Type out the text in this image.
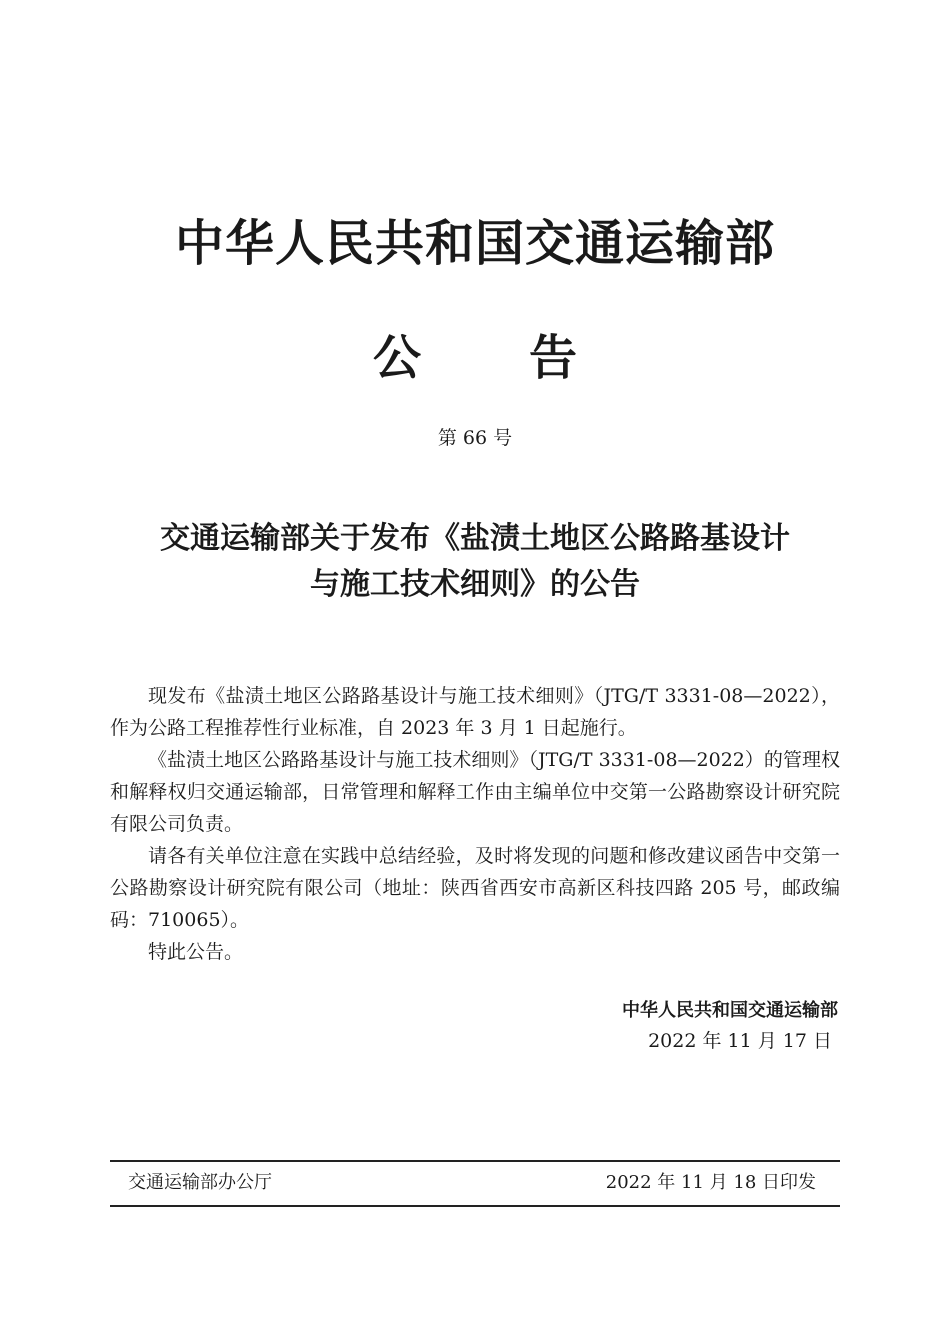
中华人民共和国交通运输部
公 告
第 66 号
交通运输部关于发布《盐渍土地区公路路基设计
与施工技术细则》的公告

现发布《盐渍土地区公路路基设计与施工技术细则》（JTG/T 3331-08—2022），作为公路工程推荐性行业标准，自 2023 年 3 月 1 日起施行。

《盐渍土地区公路路基设计与施工技术细则》（JTG/T 3331-08—2022）的管理权和解释权归交通运输部，日常管理和解释工作由主编单位中交第一公路勘察设计研究院有限公司负责。

请各有关单位注意在实践中总结经验，及时将发现的问题和修改建议函告中交第一公路勘察设计研究院有限公司（地址：陕西省西安市高新区科技四路 205 号，邮政编码：710065）。

特此公告。

中华人民共和国交通运输部
2022 年 11 月 17 日
交通运输部办公厅	2022 年 11 月 18 日印发
